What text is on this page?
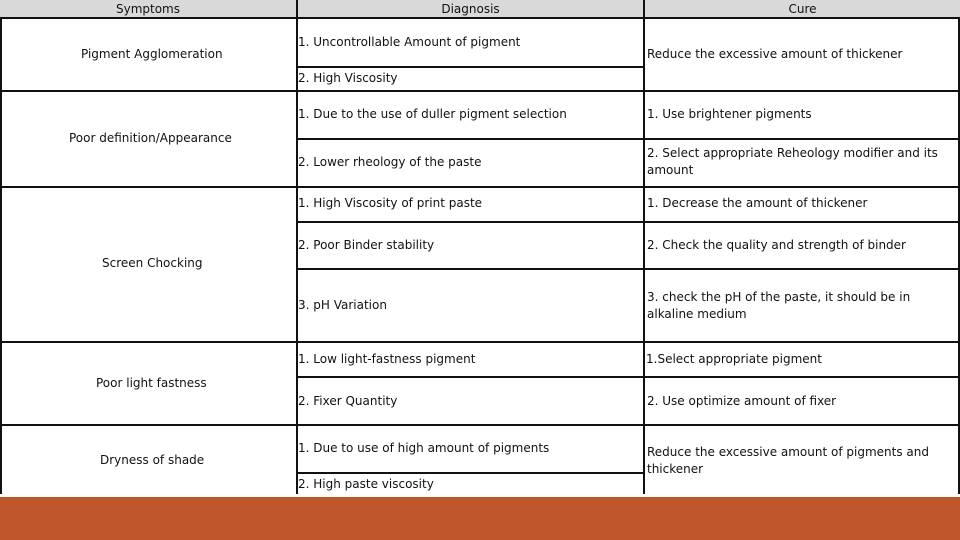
Symptoms	Diagnosis	Cure
Pigment Agglomeration
1. Uncontrollable Amount of pigment
2. High Viscosity
Reduce the excessive amount of thickener
Poor definition/Appearance
1. Due to the use of duller pigment selection
2. Lower rheology of the paste
1. Use brightener pigments
2. Select appropriate Reheology modifier and its amount
Screen Chocking
1. High Viscosity of print paste
2. Poor Binder stability
3. pH Variation
1. Decrease the amount of thickener
2. Check the quality and strength of binder
3. check the pH of the paste, it should be in alkaline medium
Poor light fastness
1. Low light-fastness pigment
2. Fixer Quantity
1.Select appropriate pigment
2. Use optimize amount of fixer
Dryness of shade
1. Due to use of high amount of pigments
2. High paste viscosity
Reduce the excessive amount of pigments and thickener
